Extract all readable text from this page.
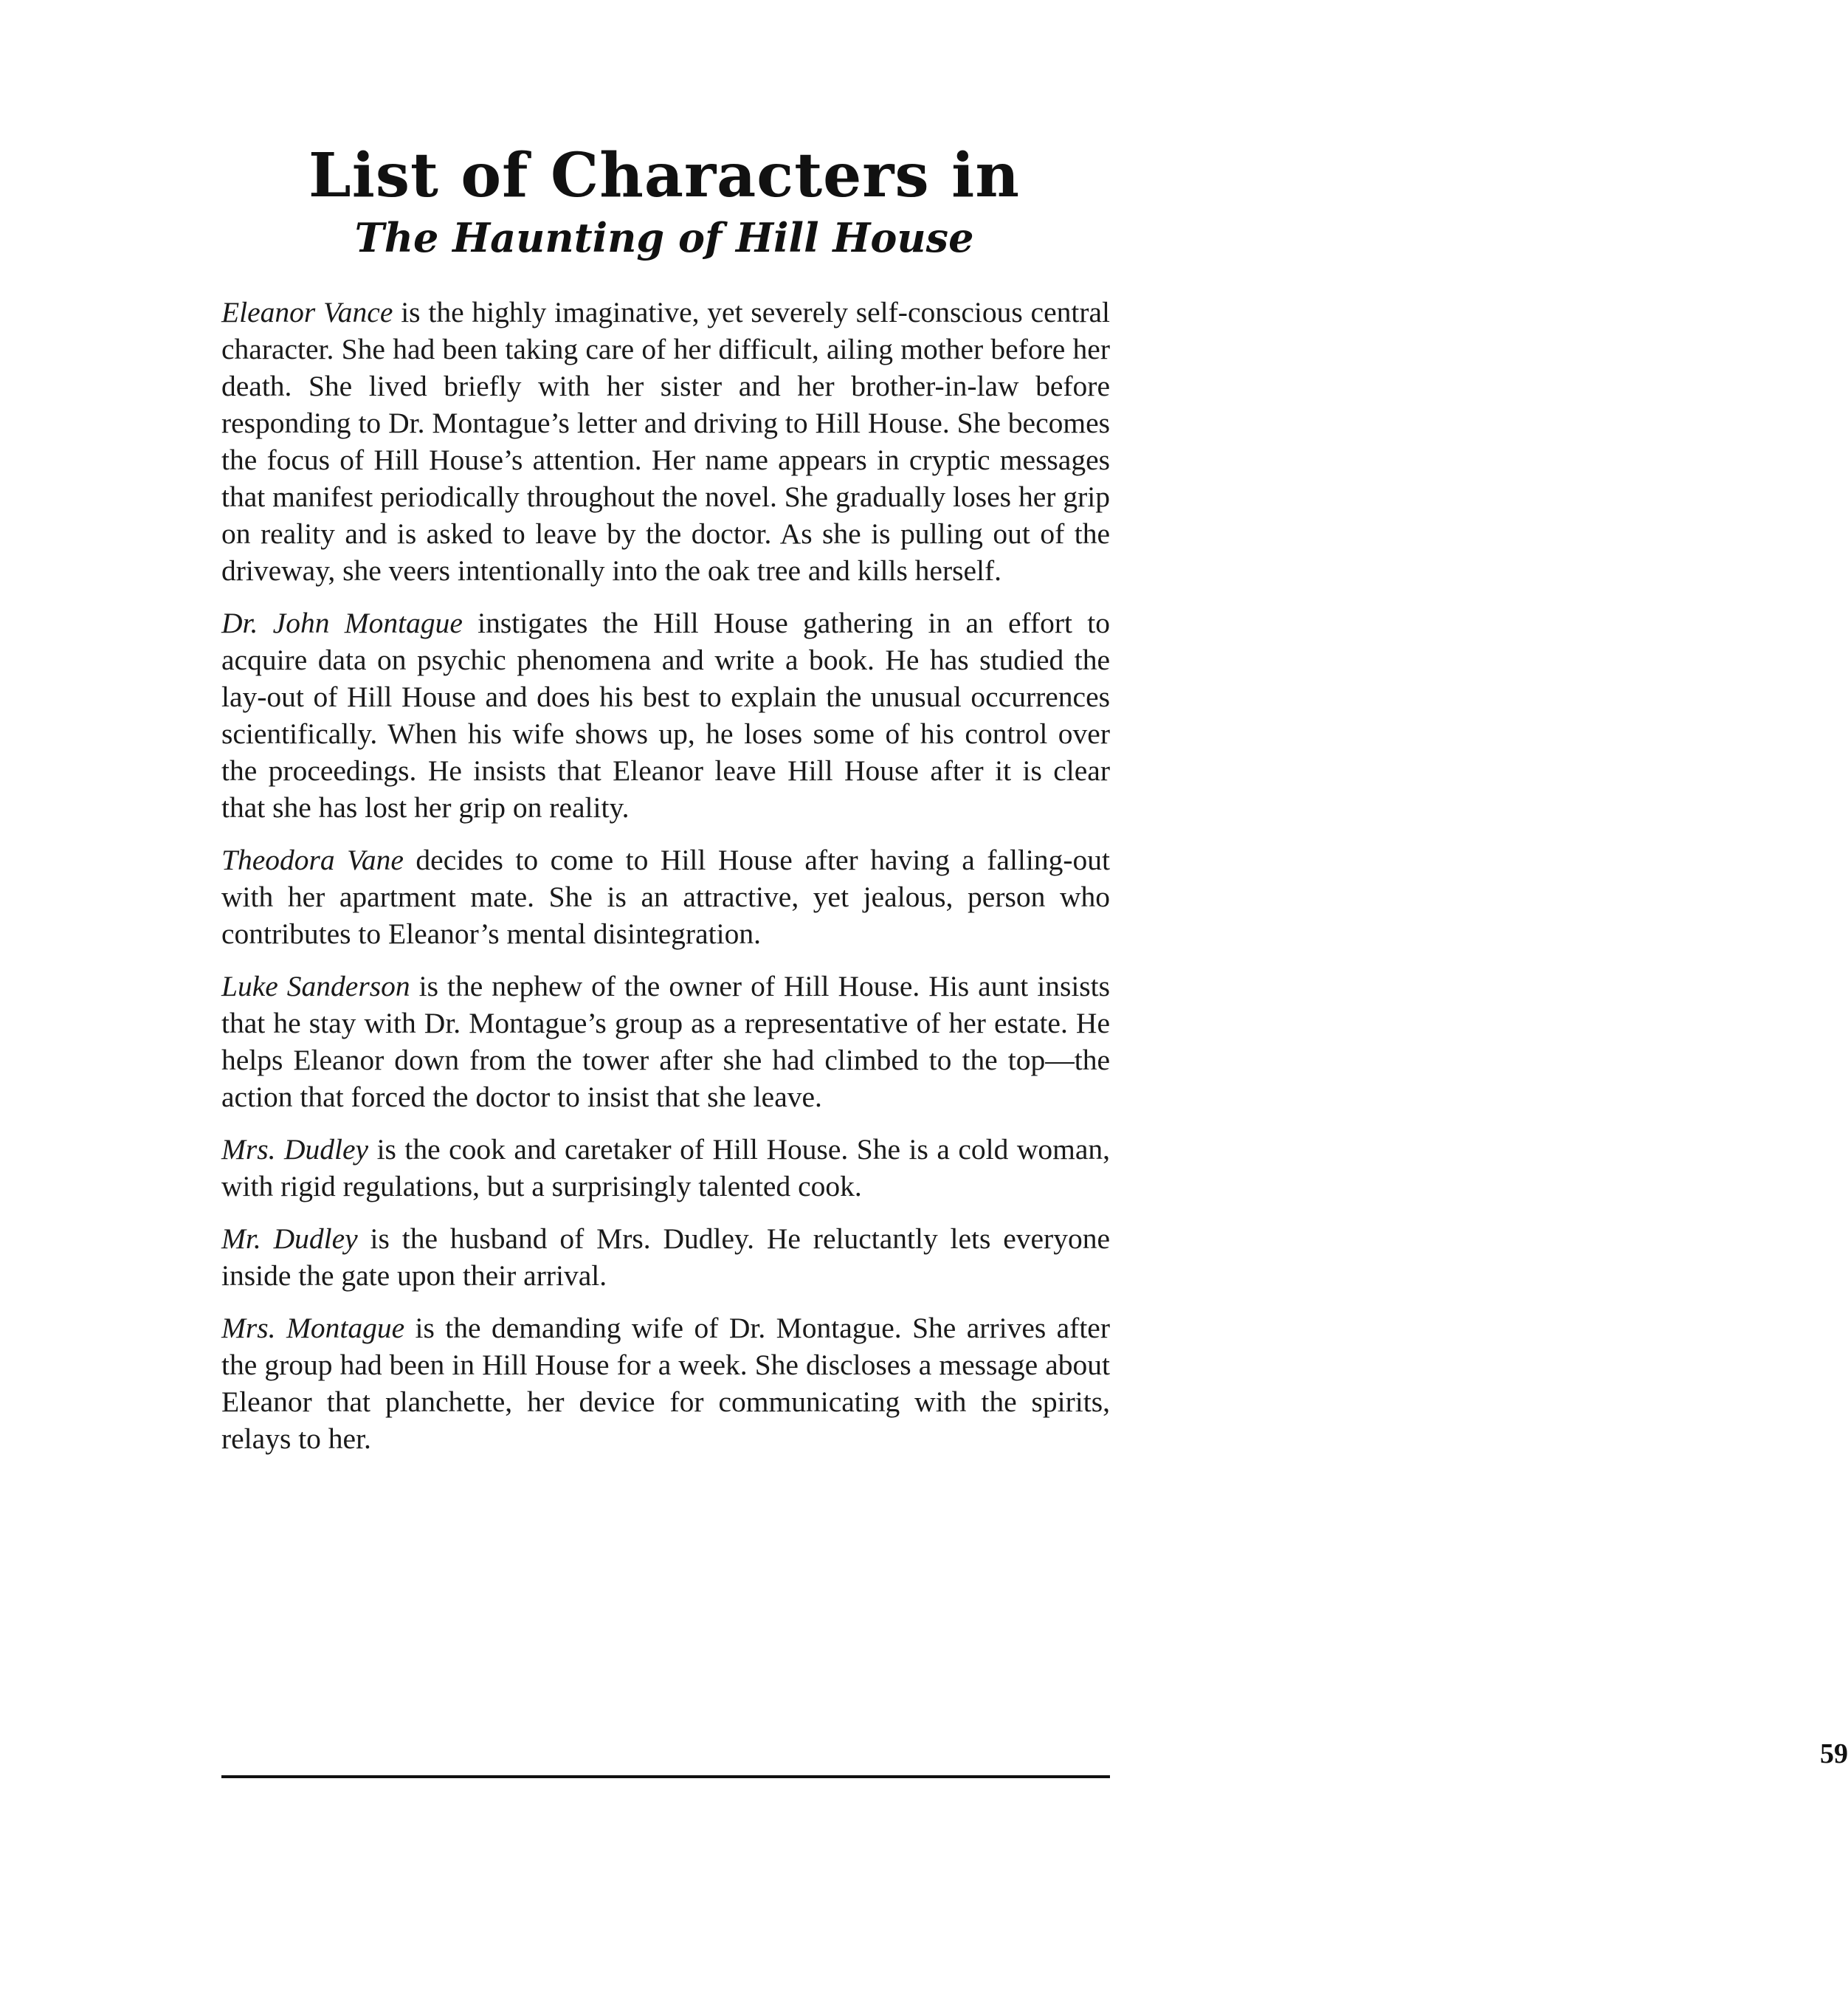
List of Characters in
The Haunting of Hill House

Eleanor Vance is the highly imaginative, yet severely self-conscious central character. She had been taking care of her difficult, ailing mother before her death. She lived briefly with her sister and her brother-in-law before responding to Dr. Montague’s letter and driving to Hill House. She becomes the focus of Hill House’s attention. Her name appears in cryptic messages that manifest periodically throughout the novel. She gradually loses her grip on reality and is asked to leave by the doctor. As she is pulling out of the driveway, she veers intentionally into the oak tree and kills herself.

Dr. John Montague instigates the Hill House gathering in an effort to acquire data on psychic phenomena and write a book. He has studied the lay-out of Hill House and does his best to explain the unusual occurrences scientifically. When his wife shows up, he loses some of his control over the proceedings. He insists that Eleanor leave Hill House after it is clear that she has lost her grip on reality.

Theodora Vane decides to come to Hill House after having a falling-out with her apartment mate. She is an attractive, yet jealous, person who contributes to Eleanor’s mental disintegration.

Luke Sanderson is the nephew of the owner of Hill House. His aunt insists that he stay with Dr. Montague’s group as a representative of her estate. He helps Eleanor down from the tower after she had climbed to the top—the action that forced the doctor to insist that she leave.

Mrs. Dudley is the cook and caretaker of Hill House. She is a cold woman, with rigid regulations, but a surprisingly talented cook.

Mr. Dudley is the husband of Mrs. Dudley. He reluctantly lets everyone inside the gate upon their arrival.

Mrs. Montague is the demanding wife of Dr. Montague. She arrives after the group had been in Hill House for a week. She discloses a message about Eleanor that planchette, her device for communicating with the spirits, relays to her.

59
